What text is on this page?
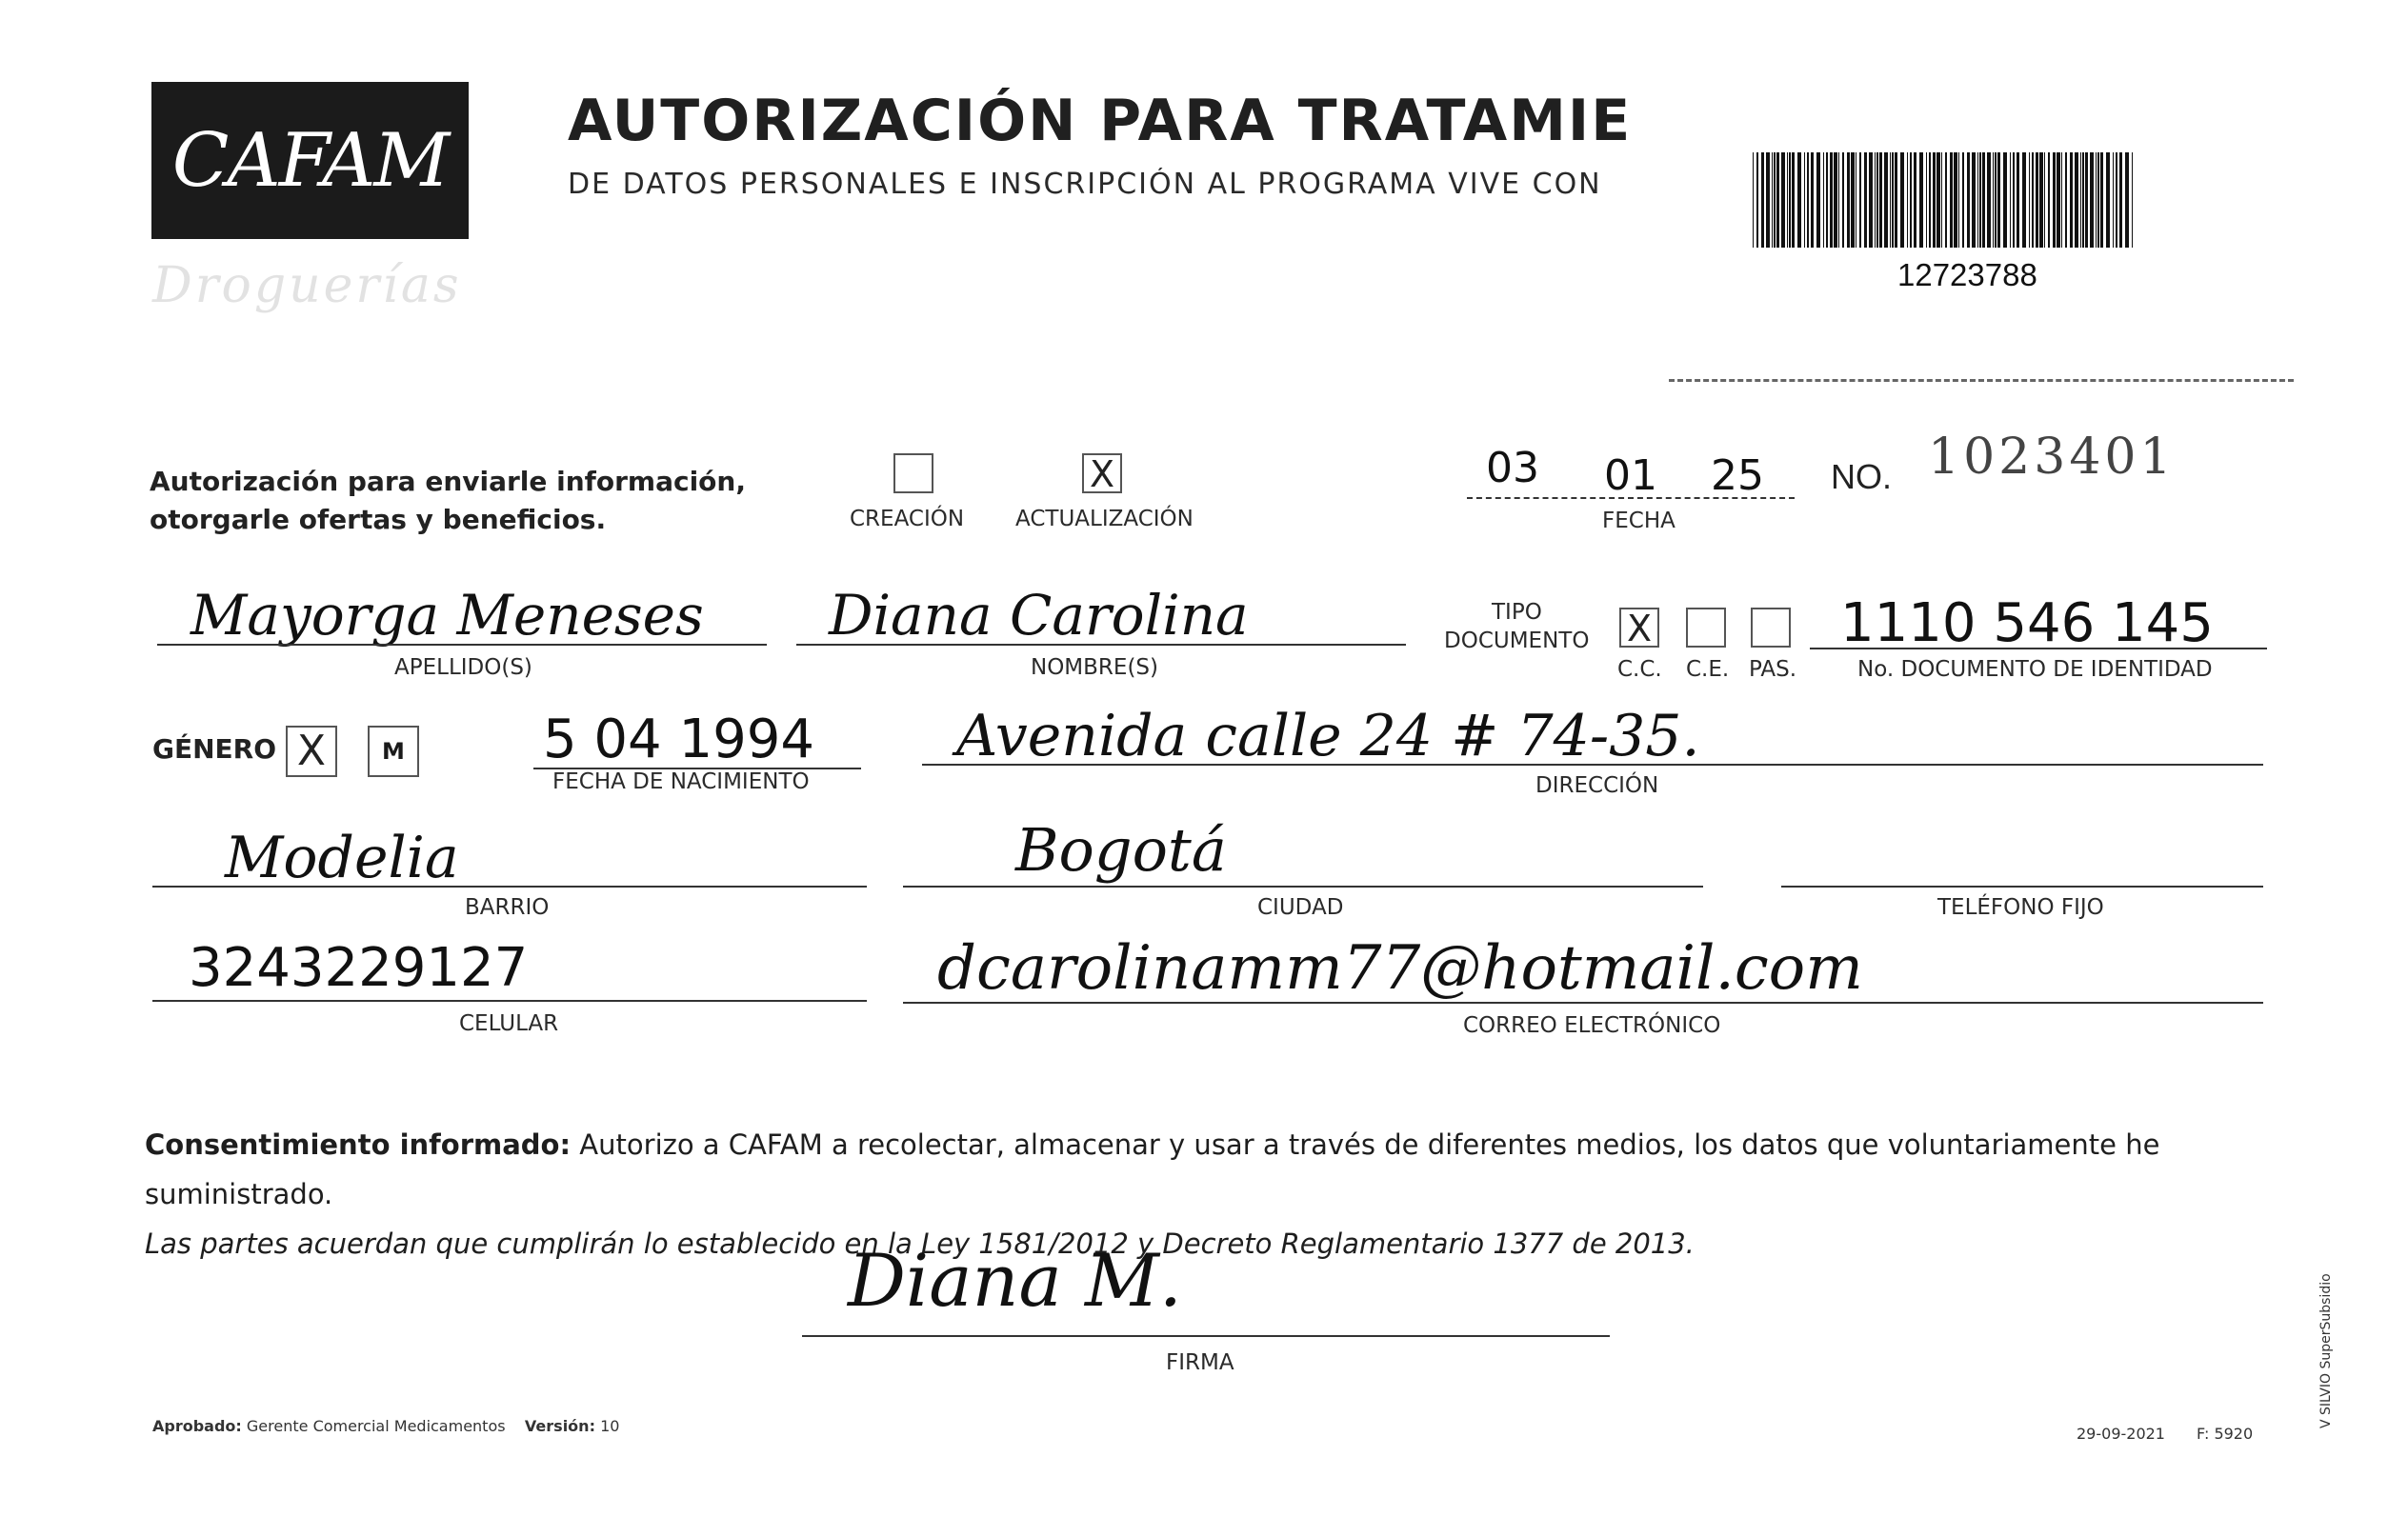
CAFAM
Droguerías
AUTORIZACIÓN PARA TRATAMIE
DE DATOS PERSONALES E INSCRIPCIÓN AL PROGRAMA VIVE CON
12723788
Autorización para enviarle información,
otorgarle ofertas y beneficios.	CREACIÓN
X
ACTUALIZACIÓN
03 01 25
FECHA
NO. 1023401
Mayorga Meneses
APELLIDO(S)
Diana Carolina
NOMBRE(S)
TIPO
DOCUMENTO X
C.C. C.E. PAS.
1110 546 145
No. DOCUMENTO DE IDENTIDAD
GÉNERO X	M	5 04 1994
FECHA DE NACIMIENTO
Avenida calle 24 # 74-35.
DIRECCIÓN
Modelia
BARRIO
Bogotá
CIUDAD	TELÉFONO FIJO
3243229127
CELULAR
dcarolinamm77@hotmail.com
CORREO ELECTRÓNICO
Consentimiento informado: Autorizo a CAFAM a recolectar, almacenar y usar a través de diferentes medios, los datos que voluntariamente he suministrado.
Las partes acuerdan que cumplirán lo establecido en la Ley 1581/2012 y Decreto Reglamentario 1377 de 2013.
Diana M.
FIRMA
Aprobado: Gerente Comercial Medicamentos Versión: 10	29-09-2021 F: 5920
V SILVIO SuperSubsidio
